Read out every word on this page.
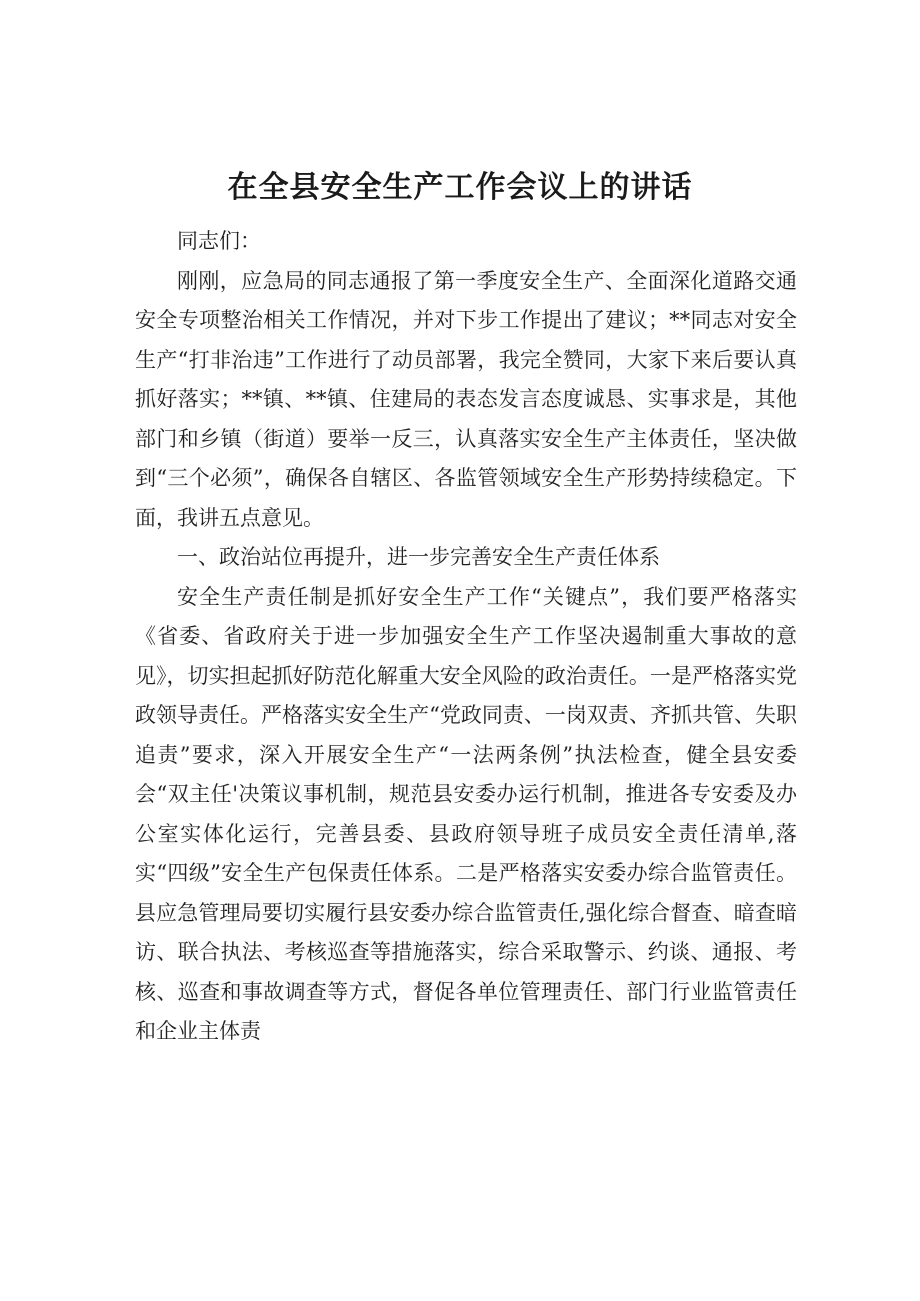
在全县安全生产工作会议上的讲话

同志们：

刚刚，应急局的同志通报了第一季度安全生产、全面深化道路交通安全专项整治相关工作情况，并对下步工作提出了建议；**同志对安全生产“打非治违”工作进行了动员部署，我完全赞同，大家下来后要认真抓好落实；**镇、**镇、住建局的表态发言态度诚恳、实事求是，其他部门和乡镇（街道）要举一反三，认真落实安全生产主体责任，坚决做到“三个必须”，确保各自辖区、各监管领域安全生产形势持续稳定。下面，我讲五点意见。

一、政治站位再提升，进一步完善安全生产责任体系

安全生产责任制是抓好安全生产工作“关键点”，我们要严格落实《省委、省政府关于进一步加强安全生产工作坚决遏制重大事故的意见》，切实担起抓好防范化解重大安全风险的政治责任。一是严格落实党政领导责任。严格落实安全生产“党政同责、一岗双责、齐抓共管、失职追责”要求，深入开展安全生产“一法两条例”执法检查，健全县安委会“双主任'决策议事机制，规范县安委办运行机制，推进各专安委及办公室实体化运行，完善县委、县政府领导班子成员安全责任清单,落实“四级”安全生产包保责任体系。二是严格落实安委办综合监管责任。县应急管理局要切实履行县安委办综合监管责任,强化综合督查、暗查暗访、联合执法、考核巡查等措施落实，综合采取警示、约谈、通报、考核、巡查和事故调查等方式，督促各单位管理责任、部门行业监管责任和企业主体责
